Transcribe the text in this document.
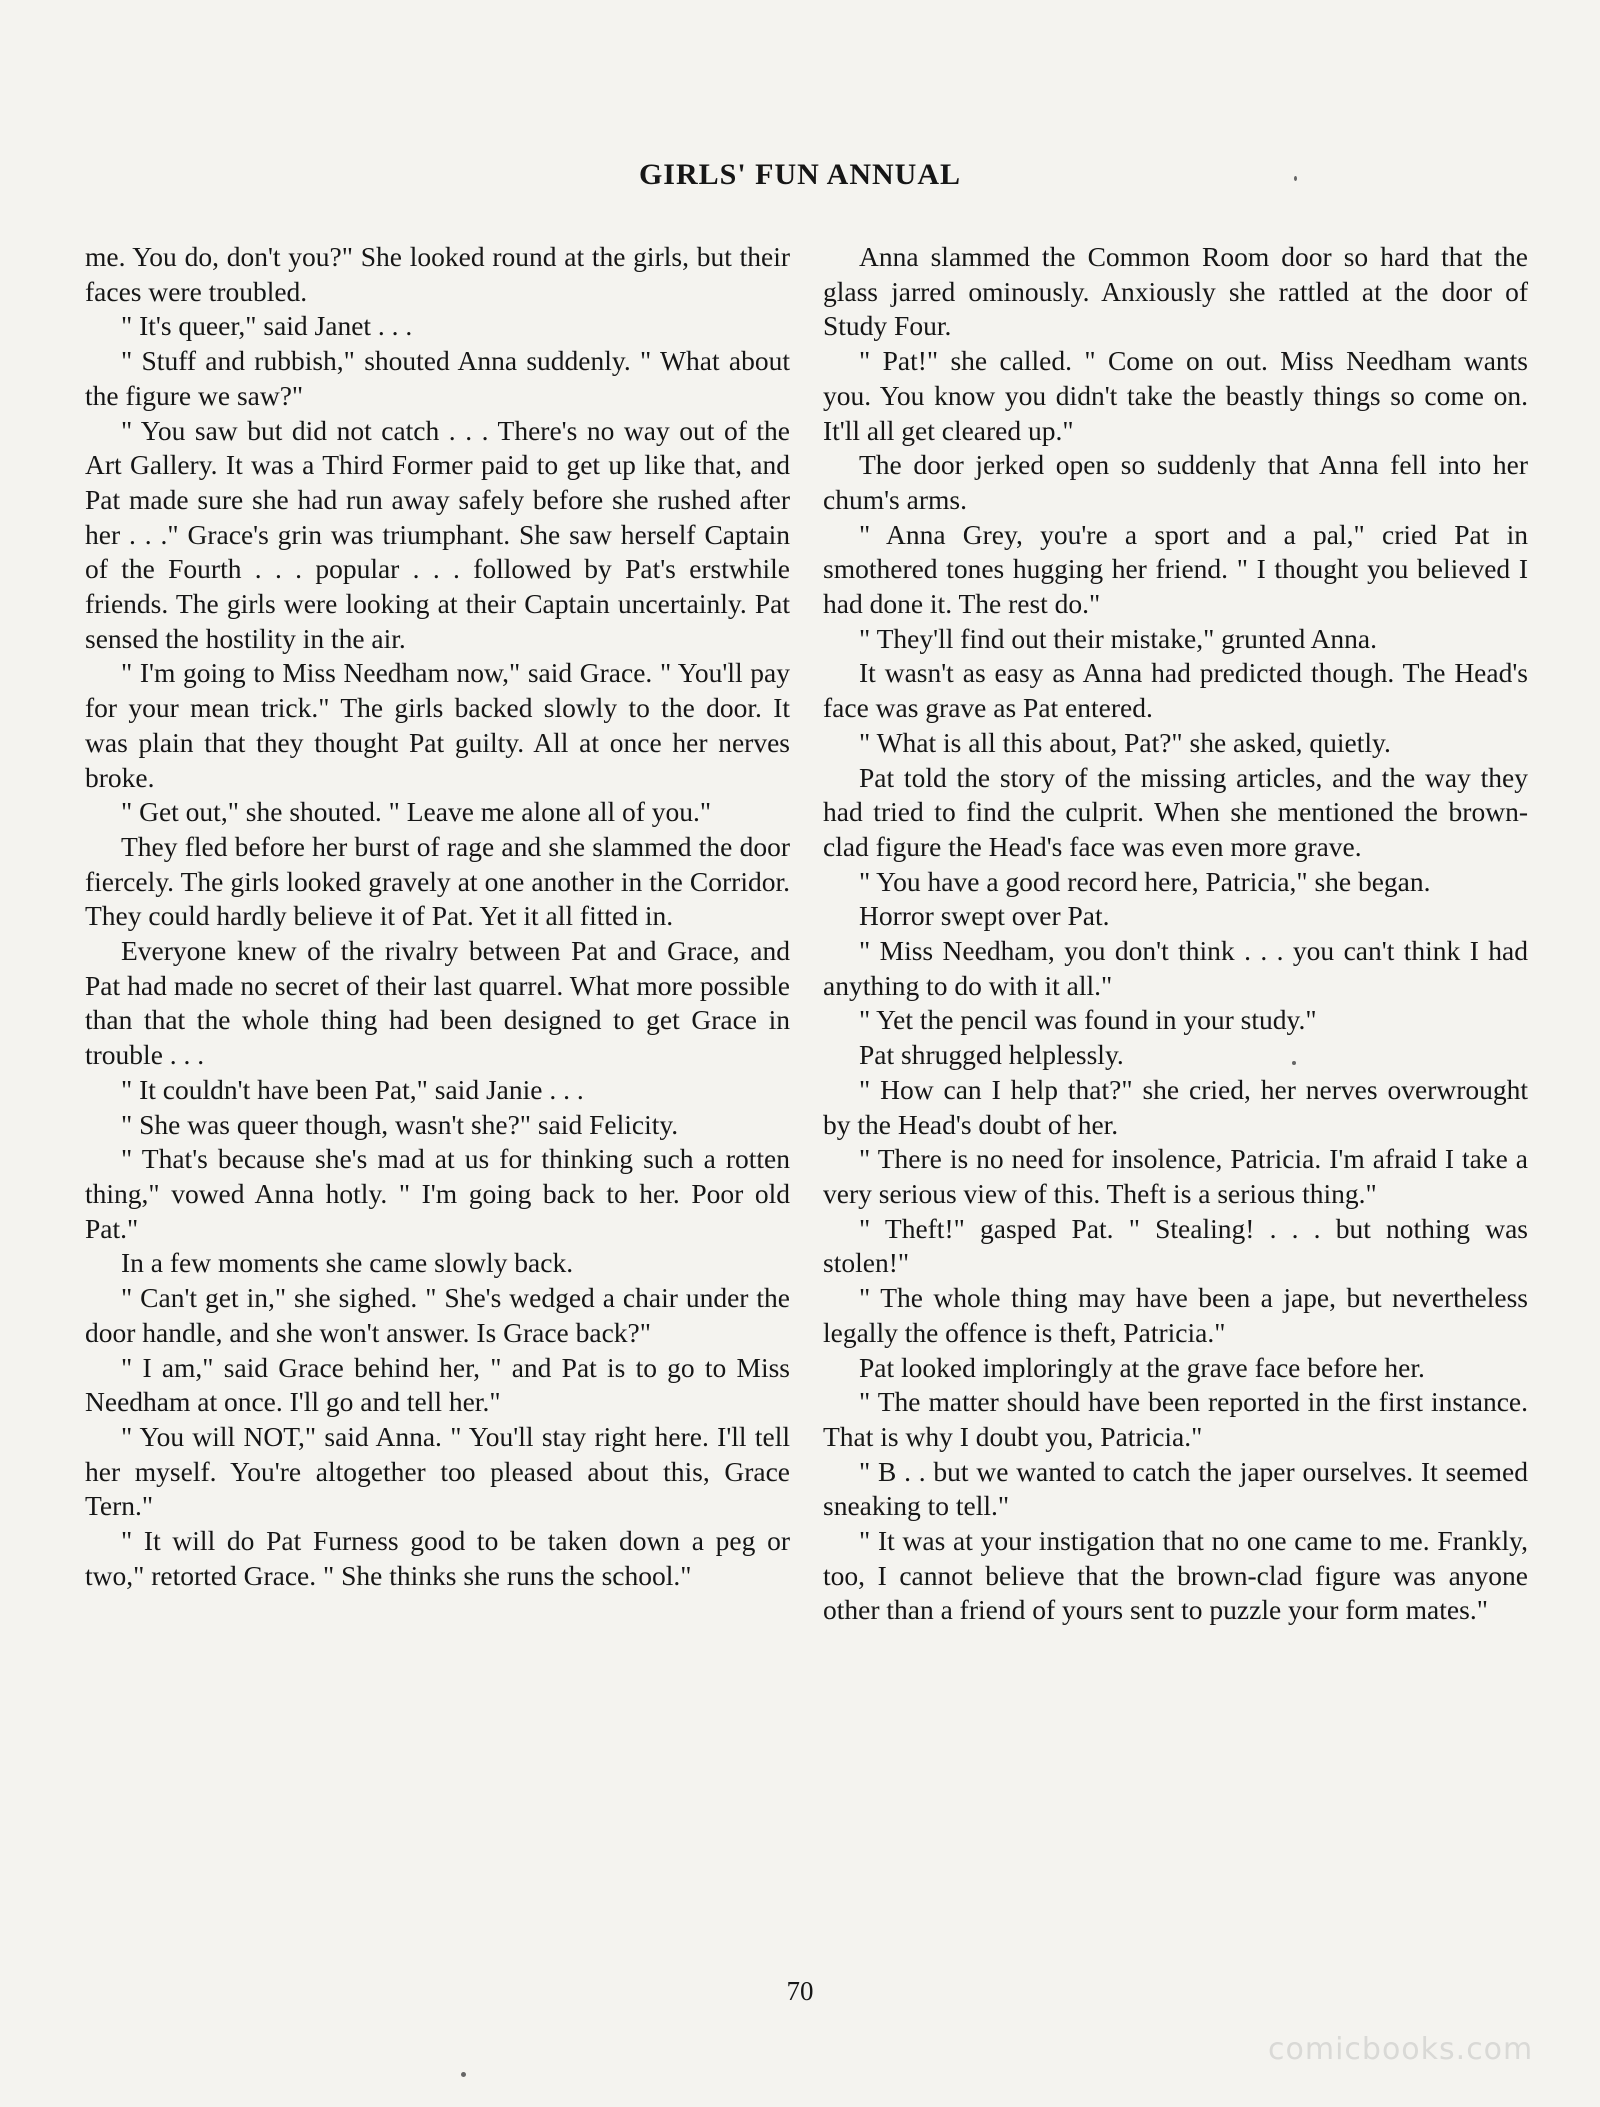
GIRLS' FUN ANNUAL

me. You do, don't you?" She looked round at the girls, but their faces were troubled.

" It's queer," said Janet . . .

" Stuff and rubbish," shouted Anna suddenly. " What about the figure we saw?"

" You saw but did not catch . . . There's no way out of the Art Gallery. It was a Third Former paid to get up like that, and Pat made sure she had run away safely before she rushed after her . . ." Grace's grin was triumphant. She saw herself Captain of the Fourth . . . popular . . . followed by Pat's erstwhile friends. The girls were looking at their Captain uncertainly. Pat sensed the hostility in the air.

" I'm going to Miss Needham now," said Grace. " You'll pay for your mean trick." The girls backed slowly to the door. It was plain that they thought Pat guilty. All at once her nerves broke.

" Get out," she shouted. " Leave me alone all of you."

They fled before her burst of rage and she slammed the door fiercely. The girls looked gravely at one another in the Corridor. They could hardly believe it of Pat. Yet it all fitted in.

Everyone knew of the rivalry between Pat and Grace, and Pat had made no secret of their last quarrel. What more possible than that the whole thing had been designed to get Grace in trouble . . .

" It couldn't have been Pat," said Janie . . .

" She was queer though, wasn't she?" said Felicity.

" That's because she's mad at us for thinking such a rotten thing," vowed Anna hotly. " I'm going back to her. Poor old Pat."

In a few moments she came slowly back.

" Can't get in," she sighed. " She's wedged a chair under the door handle, and she won't answer. Is Grace back?"

" I am," said Grace behind her, " and Pat is to go to Miss Needham at once. I'll go and tell her."

" You will NOT," said Anna. " You'll stay right here. I'll tell her myself. You're altogether too pleased about this, Grace Tern."

" It will do Pat Furness good to be taken down a peg or two," retorted Grace. " She thinks she runs the school."

Anna slammed the Common Room door so hard that the glass jarred ominously. Anxiously she rattled at the door of Study Four.

" Pat!" she called. " Come on out. Miss Needham wants you. You know you didn't take the beastly things so come on. It'll all get cleared up."

The door jerked open so suddenly that Anna fell into her chum's arms.

" Anna Grey, you're a sport and a pal," cried Pat in smothered tones hugging her friend. " I thought you believed I had done it. The rest do."

" They'll find out their mistake," grunted Anna.

It wasn't as easy as Anna had predicted though. The Head's face was grave as Pat entered.

" What is all this about, Pat?" she asked, quietly.

Pat told the story of the missing articles, and the way they had tried to find the culprit. When she mentioned the brown-clad figure the Head's face was even more grave.

" You have a good record here, Patricia," she began.

Horror swept over Pat.

" Miss Needham, you don't think . . . you can't think I had anything to do with it all."

" Yet the pencil was found in your study."

Pat shrugged helplessly.

" How can I help that?" she cried, her nerves overwrought by the Head's doubt of her.

" There is no need for insolence, Patricia. I'm afraid I take a very serious view of this. Theft is a serious thing."

" Theft!" gasped Pat. " Stealing! . . . but nothing was stolen!"

" The whole thing may have been a jape, but nevertheless legally the offence is theft, Patricia."

Pat looked imploringly at the grave face before her.

" The matter should have been reported in the first instance. That is why I doubt you, Patricia."

" B . . but we wanted to catch the japer ourselves. It seemed sneaking to tell."

" It was at your instigation that no one came to me. Frankly, too, I cannot believe that the brown-clad figure was anyone other than a friend of yours sent to puzzle your form mates."

70
comicbooks.com
